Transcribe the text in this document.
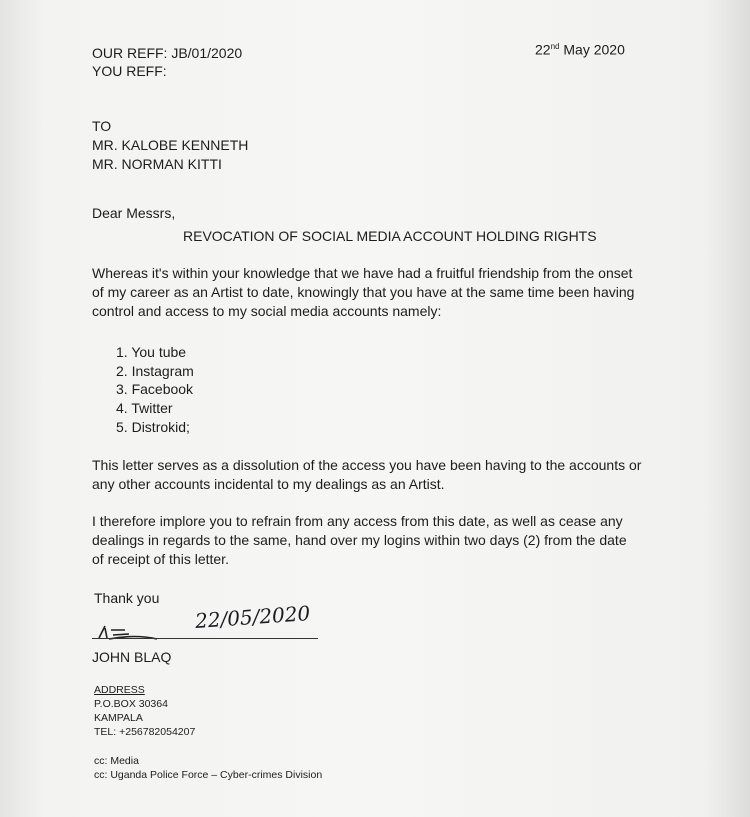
OUR REFF: JB/01/2020
YOU REFF:
22nd May 2020
TO
MR. KALOBE KENNETH
MR. NORMAN KITTI
Dear Messrs,
REVOCATION OF SOCIAL MEDIA ACCOUNT HOLDING RIGHTS
Whereas it's within your knowledge that we have had a fruitful friendship from the onset
of my career as an Artist to date, knowingly that you have at the same time been having
control and access to my social media accounts namely:
1. You tube
2. Instagram
3. Facebook
4. Twitter
5. Distrokid;
This letter serves as a dissolution of the access you have been having to the accounts or
any other accounts incidental to my dealings as an Artist.
I therefore implore you to refrain from any access from this date, as well as cease any
dealings in regards to the same, hand over my logins within two days (2) from the date
of receipt of this letter.
Thank you
22/05/2020
JOHN BLAQ
ADDRESS
P.O.BOX 30364
KAMPALA
TEL: +256782054207
cc: Media
cc: Uganda Police Force – Cyber-crimes Division
